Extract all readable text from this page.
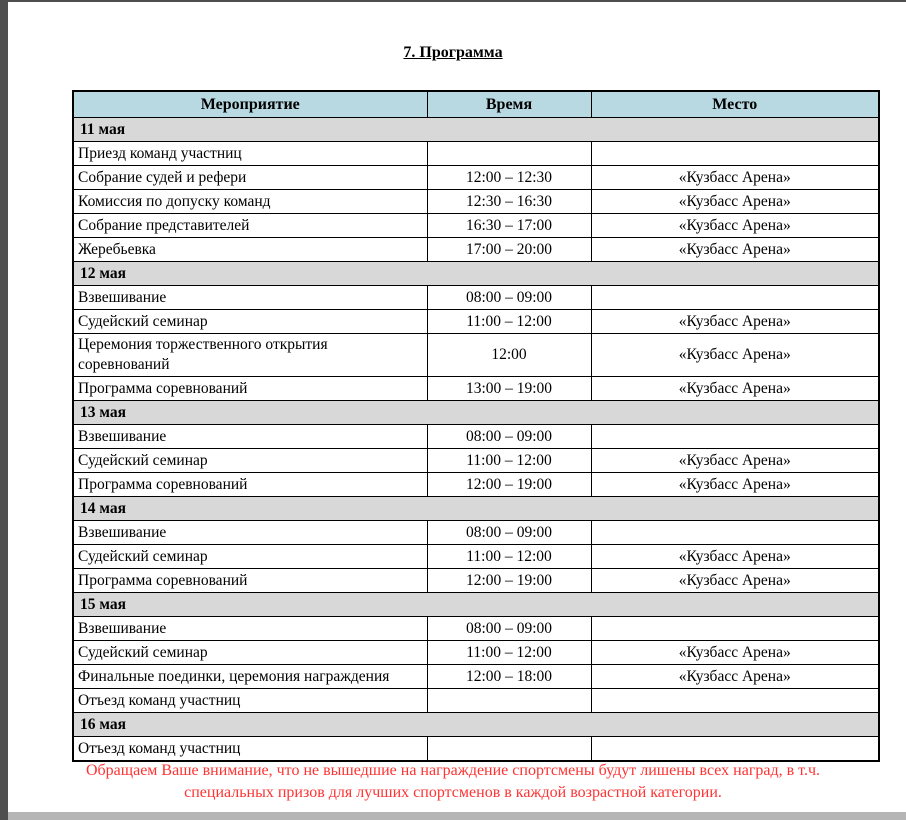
7. Программа
Мероприятие	Время	Место
11 мая		
Приезд команд участниц		
Собрание судей и рефери	12:00 – 12:30	«Кузбасс Арена»
Комиссия по допуску команд	12:30 – 16:30	«Кузбасс Арена»
Собрание представителей	16:30 – 17:00	«Кузбасс Арена»
Жеребьевка	17:00 – 20:00	«Кузбасс Арена»
12 мая		
Взвешивание	08:00 – 09:00	
Судейский семинар	11:00 – 12:00	«Кузбасс Арена»
Церемония торжественного открытия соревнований	12:00	«Кузбасс Арена»
Программа соревнований	13:00 – 19:00	«Кузбасс Арена»
13 мая		
Взвешивание	08:00 – 09:00	
Судейский семинар	11:00 – 12:00	«Кузбасс Арена»
Программа соревнований	12:00 – 19:00	«Кузбасс Арена»
14 мая		
Взвешивание	08:00 – 09:00	
Судейский семинар	11:00 – 12:00	«Кузбасс Арена»
Программа соревнований	12:00 – 19:00	«Кузбасс Арена»
15 мая		
Взвешивание	08:00 – 09:00	
Судейский семинар	11:00 – 12:00	«Кузбасс Арена»
Финальные поединки, церемония награждения	12:00 – 18:00	«Кузбасс Арена»
Отъезд команд участниц		
16 мая		
Отъезд команд участниц		
Обращаем Ваше внимание, что не вышедшие на награждение спортсмены будут лишены всех наград, в т.ч. специальных призов для лучших спортсменов в каждой возрастной категории.
